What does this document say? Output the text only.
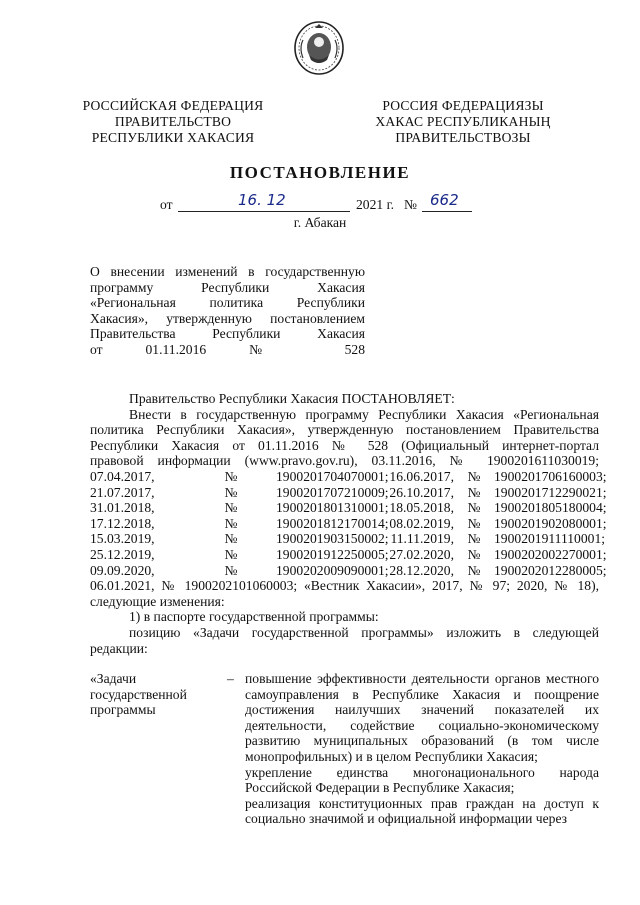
РОССИЙСКАЯ ФЕДЕРАЦИЯ
ПРАВИТЕЛЬСТВО
РЕСПУБЛИКИ ХАКАСИЯ
РОССИЯ ФЕДЕРАЦИЯЗЫ
ХАКАС РЕСПУБЛИКАНЫҢ
ПРАВИТЕЛЬСТВОЗЫ
ПОСТАНОВЛЕНИЕ
от	16. 12	2021 г. № 662
г. Абакан
О внесении изменений в государственную
программу Республики Хакасия
«Региональная политика Республики
Хакасия», утвержденную постановлением
Правительства Республики Хакасия
от 01.11.2016 № 528
Правительство Республики Хакасия ПОСТАНОВЛЯЕТ:
Внести в государственную программу Республики Хакасия «Региональная
политика Республики Хакасия», утвержденную постановлением Правительства
Республики Хакасия от 01.11.2016 № 528 (Официальный интернет-портал
правовой информации (www.pravo.gov.ru), 03.11.2016, № 1900201611030019;
07.04.2017,	№	1900201704070001; 16.06.2017, № 1900201706160003;
21.07.2017,	№	1900201707210009; 26.10.2017, № 1900201712290021;
31.01.2018,	№	1900201801310001; 18.05.2018, № 1900201805180004;
17.12.2018,	№	1900201812170014; 08.02.2019, № 1900201902080001;
15.03.2019,	№	1900201903150002; 11.11.2019, № 1900201911110001;
25.12.2019,	№	1900201912250005; 27.02.2020, № 1900202002270001;
09.09.2020,	№	1900202009090001; 28.12.2020, № 1900202012280005;
06.01.2021, № 1900202101060003; «Вестник Хакасии», 2017, № 97; 2020, № 18),
следующие изменения:
1) в паспорте государственной программы:
позицию «Задачи государственной программы» изложить в следующей
редакции:
«Задачи государственной программы
– повышение эффективности деятельности органов местного самоуправления в Республике Хакасия и поощрение достижения наилучших значений показателей их деятельности, содействие социально-экономическому развитию муниципальных образований (в том числе монопрофильных) и в целом Республики Хакасия;

укрепление единства многонационального народа Российской Федерации в Республике Хакасия;

реализация конституционных прав граждан на доступ к социально значимой и официальной информации через
